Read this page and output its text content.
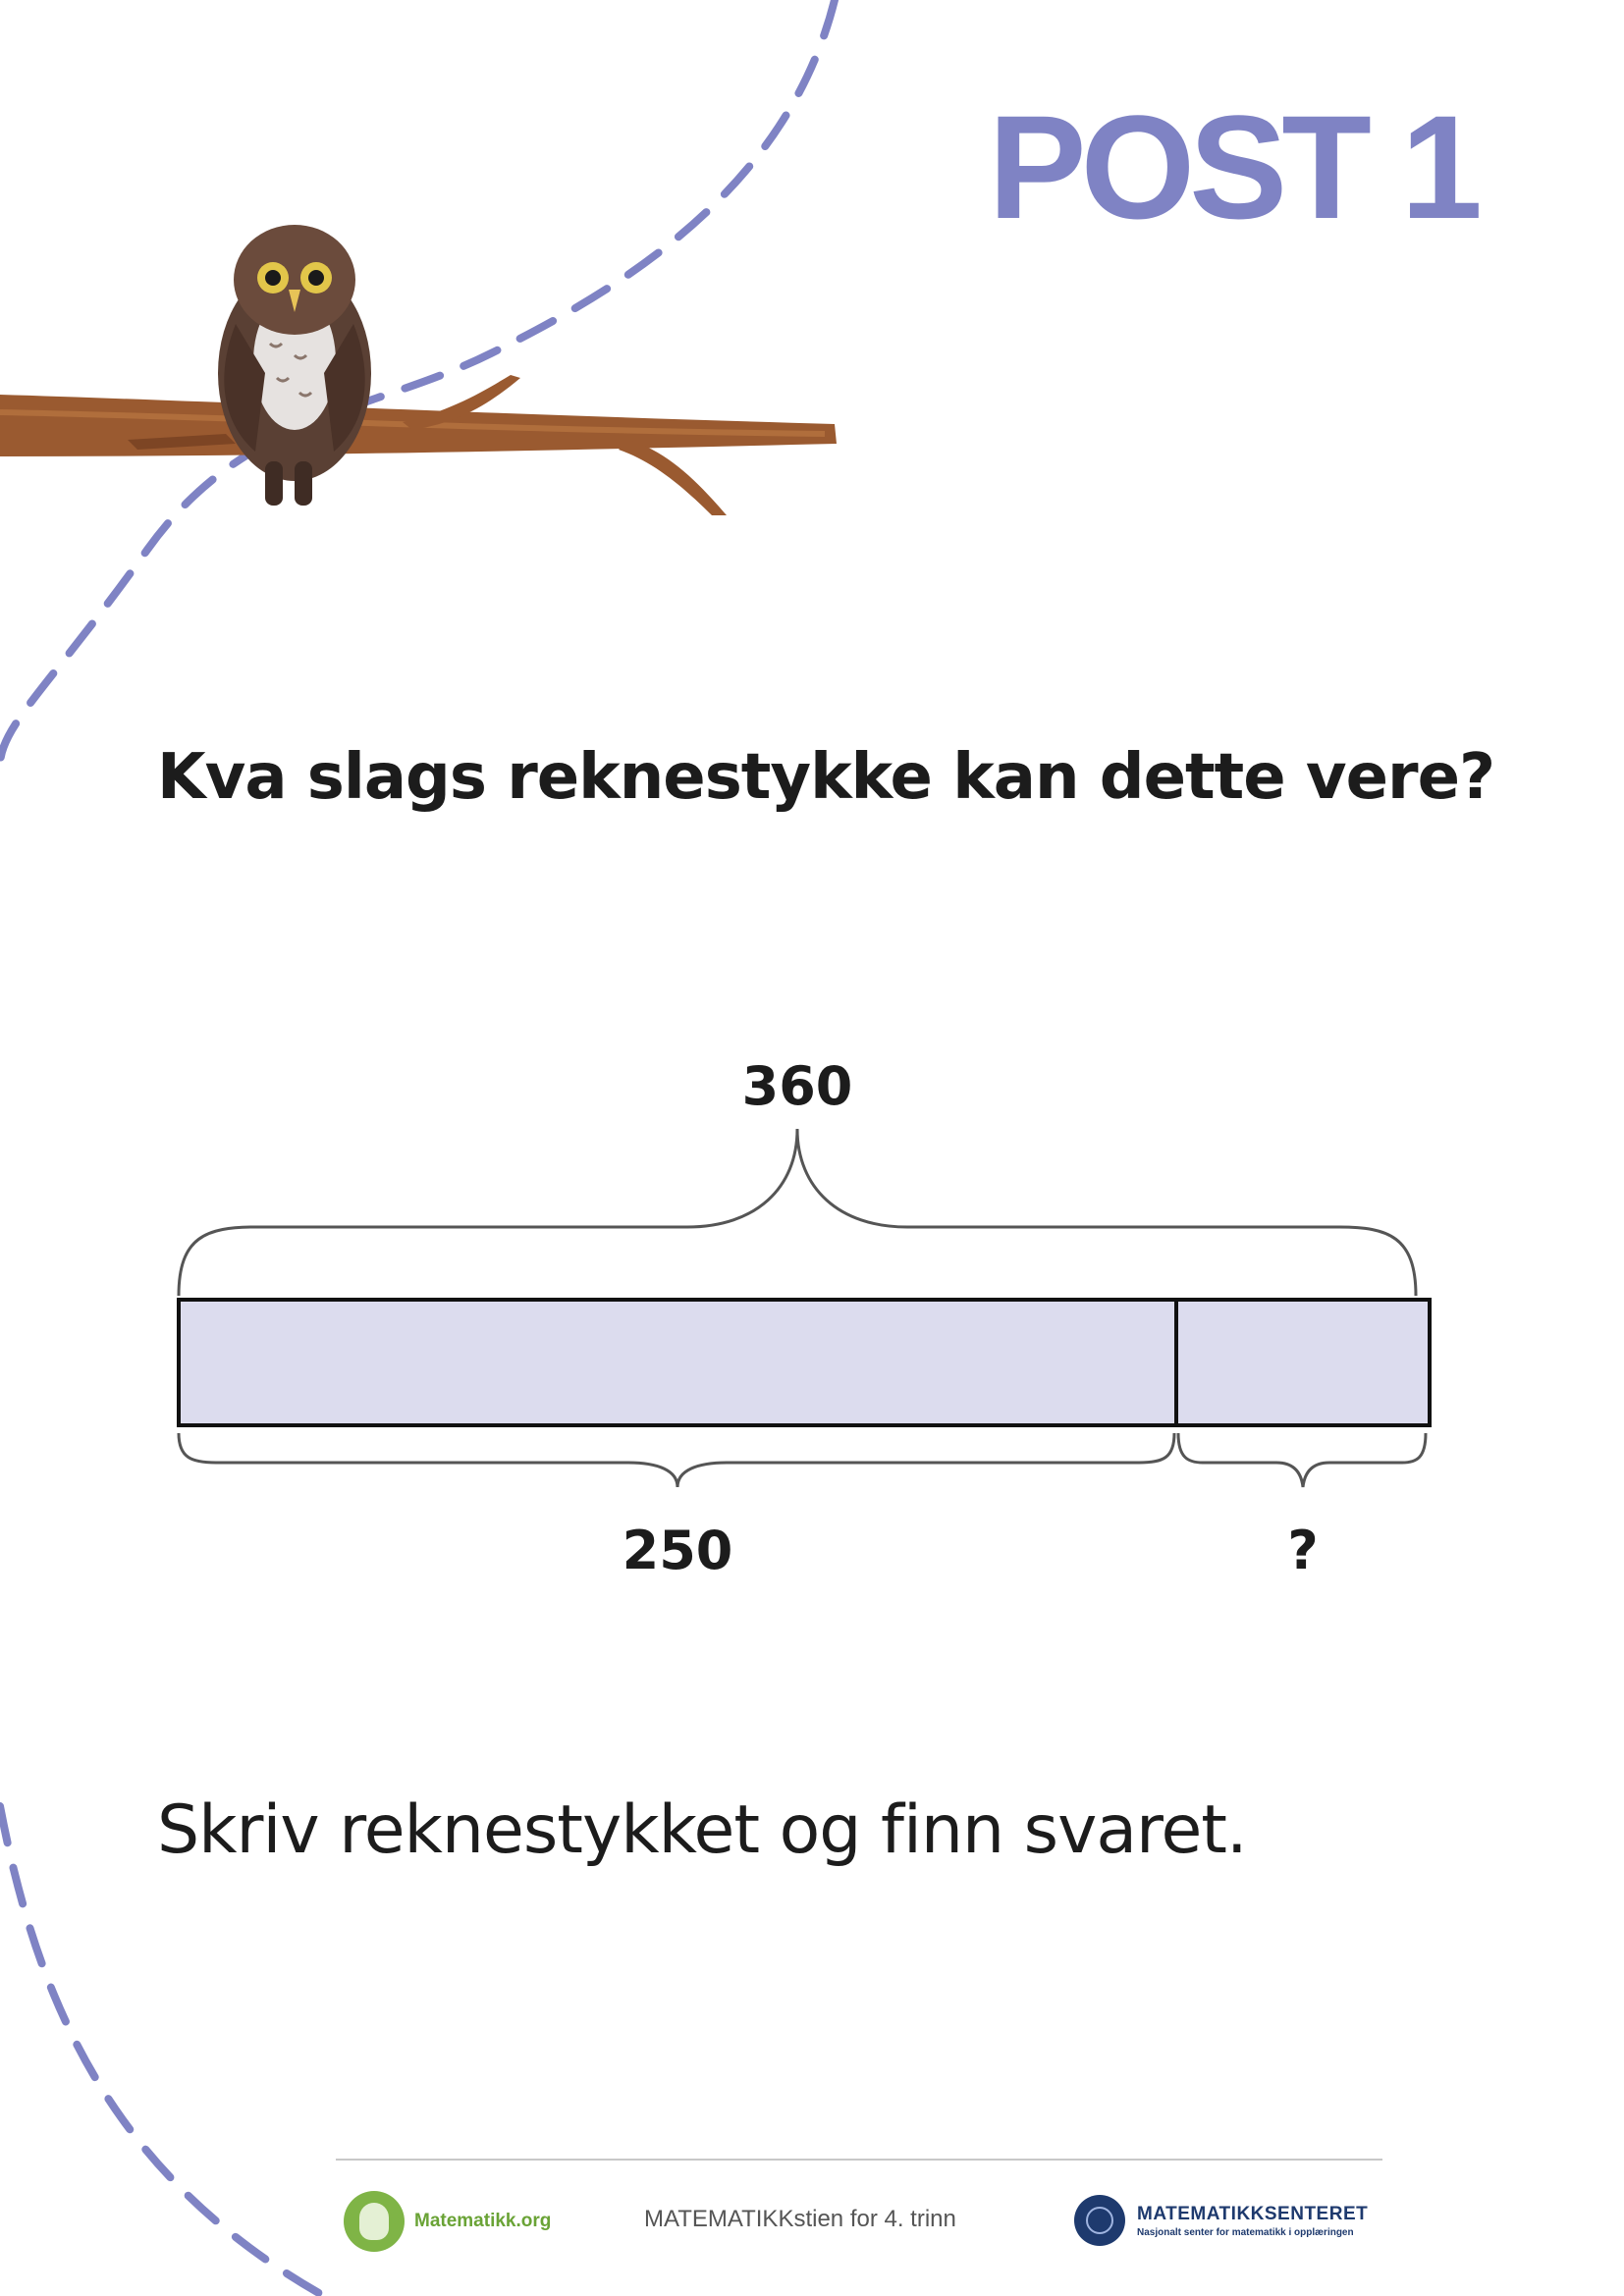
360
250	?
POST 1
Kva slags reknestykke kan dette vere?
Skriv reknestykket og finn svaret.
Matematikk.org	MATEMATIKKstien for 4. trinn	MATEMATIKKSENTERET
Nasjonalt senter for matematikk i opplæringen
